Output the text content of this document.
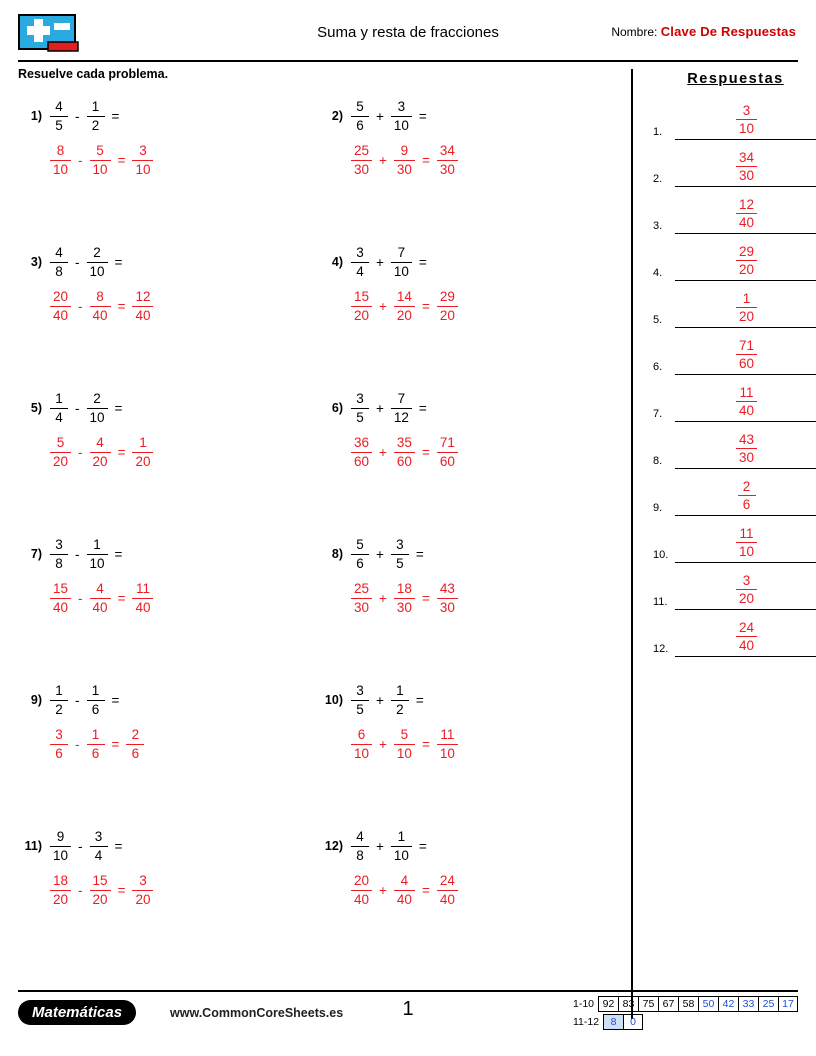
Suma y resta de fracciones	Nombre: Clave De Respuestas
Resuelve cada problema.
$1) \frac{4}{5} - \frac{1}{2}$ =
$\frac{8}{10} - \frac{5}{10} = \frac{3}{10}$
$2) \frac{5}{6} + \frac{3}{10}$ =
$\frac{25}{30} + \frac{9}{30} = \frac{34}{30}$
$3) \frac{4}{8} - \frac{2}{10}$ =
$\frac{20}{40} - \frac{8}{40} = \frac{12}{40}$
$4) \frac{3}{4} + \frac{7}{10}$ =
$\frac{15}{20} + \frac{14}{20} = \frac{29}{20}$
$5) \frac{1}{4} - \frac{2}{10}$ =
$\frac{5}{20} - \frac{4}{20} = \frac{1}{20}$
$6) \frac{3}{5} + \frac{7}{12}$ =
$\frac{36}{60} + \frac{35}{60} = \frac{71}{60}$
$7) \frac{3}{8} - \frac{1}{10}$ =
$\frac{15}{40} - \frac{4}{40} = \frac{11}{40}$
$8) \frac{5}{6} + \frac{3}{5}$ =
$\frac{25}{30} + \frac{18}{30} = \frac{43}{30}$
$9) \frac{1}{2} - \frac{1}{6}$ =
$\frac{3}{6} - \frac{1}{6} = \frac{2}{6}$
$10) \frac{3}{5} + \frac{1}{2}$ =
$\frac{6}{10} + \frac{5}{10} = \frac{11}{10}$
$11) \frac{9}{10} - \frac{3}{4}$ =
$\frac{18}{20} - \frac{15}{20} = \frac{3}{20}$
$12) \frac{4}{8} + \frac{1}{10}$ =
$\frac{20}{40} + \frac{4}{40} = \frac{24}{40}$
Respuestas
1.	$\frac{3}{10}$
2.	$\frac{34}{30}$
3.	$\frac{12}{40}$
4.	$\frac{29}{20}$
5.	$\frac{1}{20}$
6.	$\frac{71}{60}$
7.	$\frac{11}{40}$
8.	$\frac{43}{30}$
9.	$\frac{2}{6}$
10.	$\frac{11}{10}$
11.	$\frac{3}{20}$
12.	$\frac{24}{40}$
Matemáticas	www.CommonCoreSheets.es	1	1-10 92 83 75 67 58 50 42 33 25 17
11-12	8	0
